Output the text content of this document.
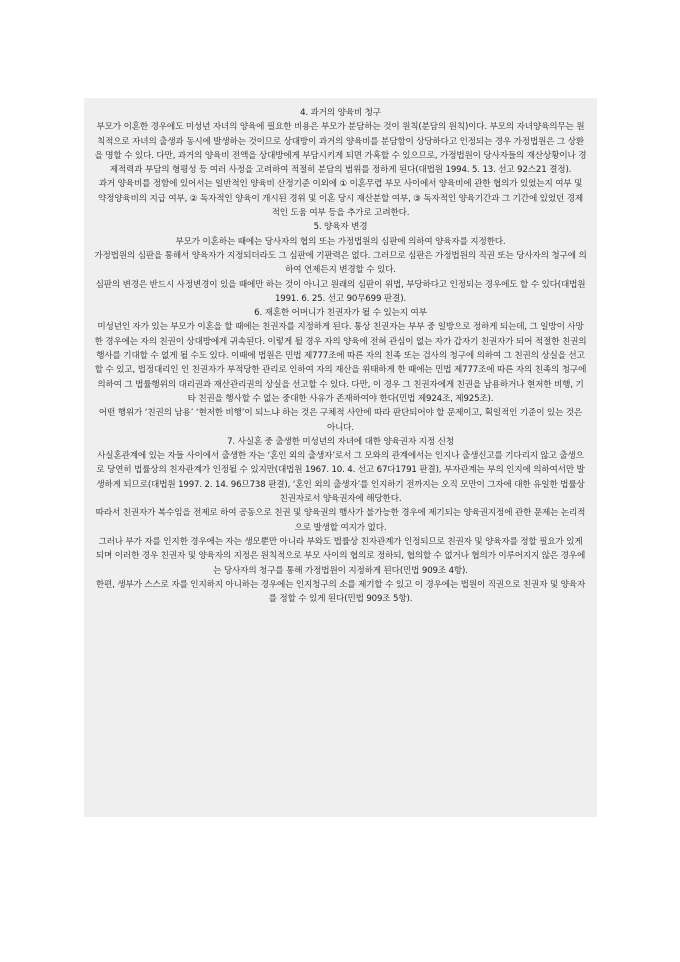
4. 과거의 양육비 청구

부모가 이혼한 경우에도 미성년 자녀의 양육에 필요한 비용은 부모가 분담하는 것이 원칙(분담의 원칙)이다. 부모의 자녀양육의무는 원칙적으로 자녀의 출생과 동시에 발생하는 것이므로 상대방이 과거의 양육비를 분담함이 상당하다고 인정되는 경우 가정법원은 그 상환을 명할 수 있다. 다만, 과거의 양육비 전액을 상대방에게 부담시키게 되면 가혹할 수 있으므로, 가정법원이 당사자들의 재산상황이나 경제적력과 부담의 형평성 등 여러 사정을 고려하여 적절히 분담의 범위를 정하게 된다(대법원 1994. 5. 13. 선고 92스21 결정).

과거 양육비를 정함에 있어서는 일반적인 양육비 산정기준 이외에 ① 이혼무렵 부모 사이에서 양육비에 관한 협의가 있었는지 여부 및 약정양육비의 지급 여부, ② 독자적인 양육이 개시된 경위 및 이혼 당시 재산분할 여부, ③ 독자적인 양육기간과 그 기간에 있었던 경제적인 도움 여부 등을 추가로 고려한다.

5. 양육자 변경

부모가 이혼하는 때에는 당사자의 협의 또는 가정법원의 심판에 의하여 양육자를 지정한다.

가정법원의 심판을 통해서 양육자가 지정되더라도 그 심판에 기판력은 없다. 그러므로 심판은 가정법원의 직권 또는 당사자의 청구에 의하여 언제든지 변경할 수 있다.

심판의 변경은 반드시 사정변경이 있을 때에만 하는 것이 아니고 원래의 심판이 위법, 부당하다고 인정되는 경우에도 할 수 있다(대법원 1991. 6. 25. 선고 90무699 판결).

6. 재혼한 어머니가 친권자가 될 수 있는지 여부

미성년인 자가 있는 부모가 이혼을 할 때에는 친권자를 지정하게 된다. 통상 친권자는 부부 중 일방으로 정하게 되는데, 그 일방이 사망한 경우에는 자의 친권이 상대방에게 귀속된다. 이렇게 될 경우 자의 양육에 전혀 관심이 없는 자가 갑자기 친권자가 되어 적절한 친권의 행사를 기대할 수 없게 될 수도 있다. 이때에 법원은 민법 제777조에 따른 자의 친족 또는 검사의 청구에 의하여 그 친권의 상실을 선고할 수 있고, 법정대리인 인 친권자가 부적당한 관리로 인하여 자의 재산을 위태하게 한 때에는 민법 제777조에 따른 자의 친족의 청구에 의하여 그 법률행위의 대리권과 재산관리권의 상실을 선고할 수 있다. 다만, 이 경우 그 친권자에게 친권을 남용하거나 현저한 비행, 기타 친권을 행사할 수 없는 중대한 사유가 존재하여야 한다(민법 제924조, 제925조).

어떤 행위가 ‘친권의 남용’ ‘현저한 비행’이 되느냐 하는 것은 구체적 사안에 따라 판단되어야 할 문제이고, 획일적인 기준이 있는 것은 아니다.

7. 사실혼 중 출생한 미성년의 자녀에 대한 양육권자 지정 신청

사실혼관계에 있는 자들 사이에서 출생한 자는 ‘혼인 외의 출생자’로서 그 모와의 관계에서는 인지나 출생신고를 기다리지 않고 출생으로 당연히 법률상의 친자관계가 인정될 수 있지만(대법원 1967. 10. 4. 선고 67다1791 판결), 부자관계는 부의 인지에 의하여서만 발생하게 되므로(대법원 1997. 2. 14. 96므738 판결), ‘혼인 외의 출생자’를 인지하기 전까지는 오직 모만이 그자에 대한 유일한 법률상 친권자로서 양육권자에 해당한다.

따라서 친권자가 복수임을 전제로 하여 공동으로 친권 및 양육권의 행사가 불가능한 경우에 제기되는 양육권지정에 관한 문제는 논리적으로 발생할 여지가 없다.

그러나 부가 자를 인지한 경우에는 자는 생모뿐만 아니라 부와도 법률상 친자관계가 인정되므로 친권자 및 양육자를 정할 필요가 있게 되며 이러한 경우 친권자 및 양육자의 지정은 원칙적으로 부모 사이의 협의로 정하되, 협의할 수 없거나 협의가 이루어지지 않은 경우에는 당사자의 청구를 통해 가정법원이 지정하게 된다(민법 909조 4항).

한편, 생부가 스스로 자를 인지하지 아니하는 경우에는 인지청구의 소를 제기할 수 있고 이 경우에는 법원이 직권으로 친권자 및 양육자를 정할 수 있게 된다(민법 909조 5항).
